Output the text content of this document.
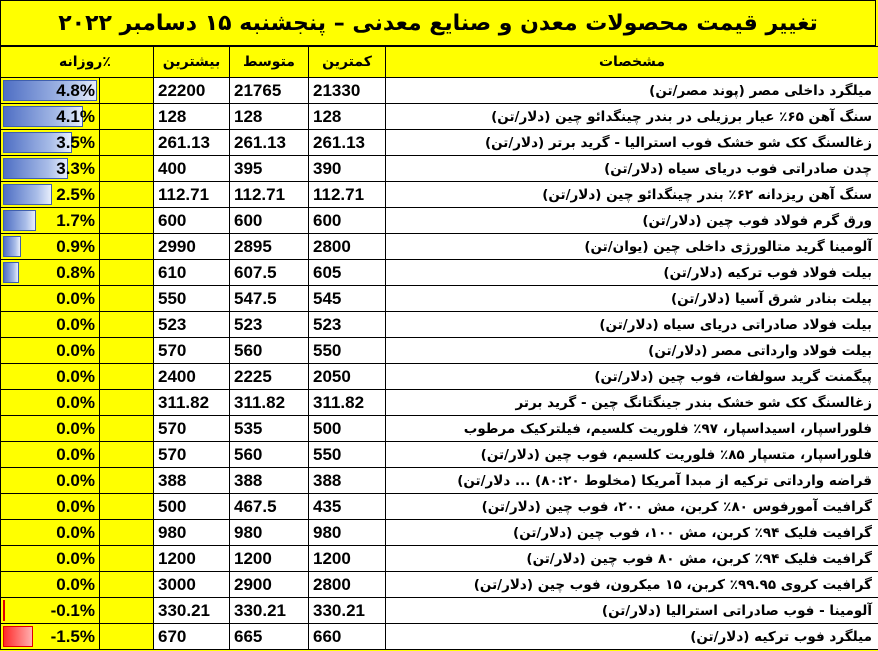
تغییر قیمت محصولات معدن و صنایع معدنی – پنجشنبه ۱۵ دسامبر ۲۰۲۲
روزانه٪	بیشترین	متوسط	کمترین	مشخصات

4.8%	22200	21765	21330	میلگرد داخلی مصر (پوند مصر/تن)

4.1%	128	128	128	سنگ آهن ۶۵٪ عیار برزیلی در بندر چینگدائو چین (دلار/تن)

3.5%	261.13	261.13	261.13	زغالسنگ کک شو خشک فوب استرالیا - گرید برتر (دلار/تن)

3.3%	400	395	390	چدن صادراتی فوب دریای سیاه (دلار/تن)

2.5%	112.71	112.71	112.71	سنگ آهن ریزدانه ۶۲٪ بندر چینگدائو چین (دلار/تن)

1.7%	600	600	600	ورق گرم فولاد فوب چین (دلار/تن)

0.9%	2990	2895	2800	آلومینا گرید متالورژی داخلی چین (یوان/تن)

0.8%	610	607.5	605	بیلت فولاد فوب ترکیه (دلار/تن)

0.0%	550	547.5	545	بیلت بنادر شرق آسیا (دلار/تن)

0.0%	523	523	523	بیلت فولاد صادراتی دریای سیاه (دلار/تن)

0.0%	570	560	550	بیلت فولاد وارداتی مصر (دلار/تن)

0.0%	2400	2225	2050	پیگمنت گرید سولفات، فوب چین (دلار/تن)

0.0%	311.82	311.82	311.82	زغالسنگ کک شو خشک بندر جینگتانگ چین - گرید برتر

0.0%	570	535	500	فلوراسپار، اسیداسپار، ۹۷٪ فلوریت کلسیم، فیلترکیک مرطوب

0.0%	570	560	550	فلوراسپار، متسپار ۸۵٪ فلوریت کلسیم، فوب چین (دلار/تن)

0.0%	388	388	388	قراضه وارداتی ترکیه از مبدا آمریکا (مخلوط ۸۰:۲۰) ... دلار/تن)

0.0%	500	467.5	435	گرافیت آمورفوس ۸۰٪ کربن، مش ۲۰۰، فوب چین (دلار/تن)

0.0%	980	980	980	گرافیت فلیک ۹۴٪ کربن، مش ۱۰۰، فوب چین (دلار/تن)

0.0%	1200	1200	1200	گرافیت فلیک ۹۴٪ کربن، مش ۸۰ فوب چین (دلار/تن)

0.0%	3000	2900	2800	گرافیت کروی ۹۹.۹۵٪ کربن، ۱۵ میکرون، فوب چین (دلار/تن)

-0.1%	330.21	330.21	330.21	آلومینا - فوب صادراتی استرالیا (دلار/تن)

-1.5%	670	665	660	میلگرد فوب ترکیه (دلار/تن)
